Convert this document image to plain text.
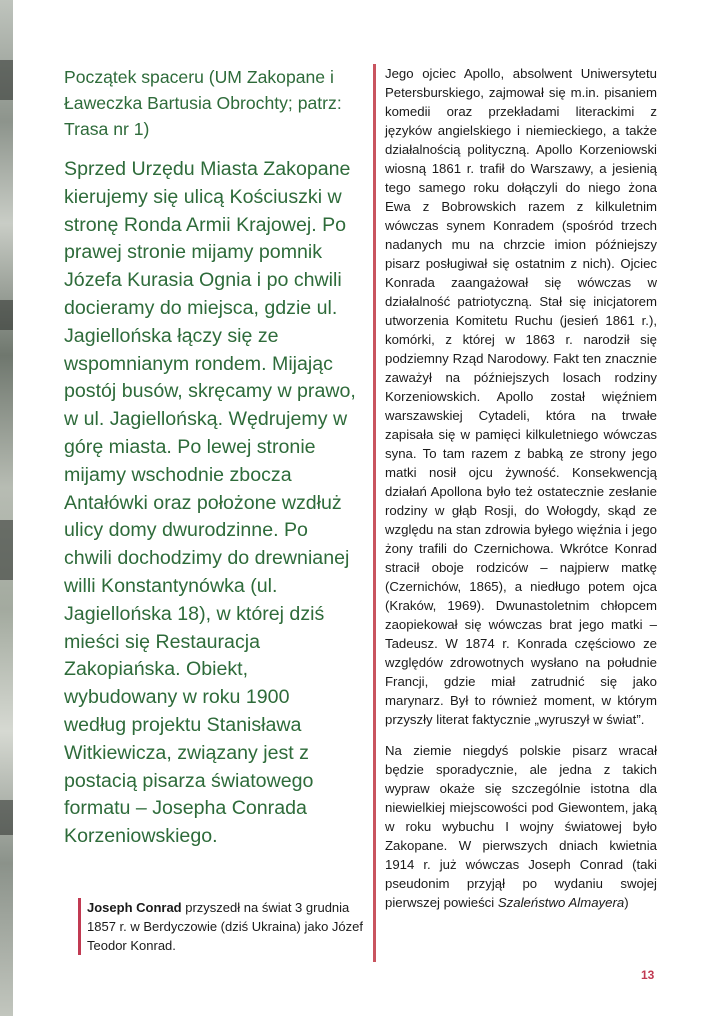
Początek spaceru (UM Zakopane i Ławeczka Bartusia Obrochty; patrz: Trasa nr 1)

Sprzed Urzędu Miasta Zakopane kierujemy się ulicą Kościuszki w stronę Ronda Armii Krajowej. Po prawej stronie mijamy pomnik Józefa Kurasia Ognia i po chwili docieramy do miejsca, gdzie ul. Jagiellońska łączy się ze wspomnianym rondem. Mijając postój busów, skręcamy w prawo, w ul. Jagiellońską. Wędrujemy w górę miasta. Po lewej stronie mijamy wschodnie zbocza Antałówki oraz położone wzdłuż ulicy domy dwurodzinne. Po chwili dochodzimy do drewnianej willi Konstantynówka (ul. Jagiellońska 18), w której dziś mieści się Restauracja Zakopiańska. Obiekt, wybudowany w roku 1900 według projektu Stanisława Witkiewicza, związany jest z postacią pisarza światowego formatu – Josepha Conrada Korzeniowskiego.

Joseph Conrad przyszedł na świat 3 grudnia 1857 r. w Berdyczowie (dziś Ukraina) jako Józef Teodor Konrad.

Jego ojciec Apollo, absolwent Uniwersytetu Petersburskiego, zajmował się m.in. pisaniem komedii oraz przekładami literackimi z języków angielskiego i niemieckiego, a także działalnością polityczną. Apollo Korzeniowski wiosną 1861 r. trafił do Warszawy, a jesienią tego samego roku dołączyli do niego żona Ewa z Bobrowskich razem z kilkuletnim wówczas synem Konradem (spośród trzech nadanych mu na chrzcie imion późniejszy pisarz posługiwał się ostatnim z nich). Ojciec Konrada zaangażował się wówczas w działalność patriotyczną. Stał się inicjatorem utworzenia Komitetu Ruchu (jesień 1861 r.), komórki, z której w 1863 r. narodził się podziemny Rząd Narodowy. Fakt ten znacznie zaważył na późniejszych losach rodziny Korzeniowskich. Apollo został więźniem warszawskiej Cytadeli, która na trwałe zapisała się w pamięci kilkuletniego wówczas syna. To tam razem z babką ze strony jego matki nosił ojcu żywność. Konsekwencją działań Apollona było też ostatecznie zesłanie rodziny w głąb Rosji, do Wołogdy, skąd ze względu na stan zdrowia byłego więźnia i jego żony trafili do Czernichowa. Wkrótce Konrad stracił oboje rodziców – najpierw matkę (Czernichów, 1865), a niedługo potem ojca (Kraków, 1969). Dwunastoletnim chłopcem zaopiekował się wówczas brat jego matki – Tadeusz. W 1874 r. Konrada częściowo ze względów zdrowotnych wysłano na południe Francji, gdzie miał zatrudnić się jako marynarz. Był to również moment, w którym przyszły literat faktycznie „wyruszył w świat”.

Na ziemie niegdyś polskie pisarz wracał będzie sporadycznie, ale jedna z takich wypraw okaże się szczególnie istotna dla niewielkiej miejscowości pod Giewontem, jaką w roku wybuchu I wojny światowej było Zakopane. W pierwszych dniach kwietnia 1914 r. już wówczas Joseph Conrad (taki pseudonim przyjął po wydaniu swojej pierwszej powieści Szaleństwo Almayera)

13
